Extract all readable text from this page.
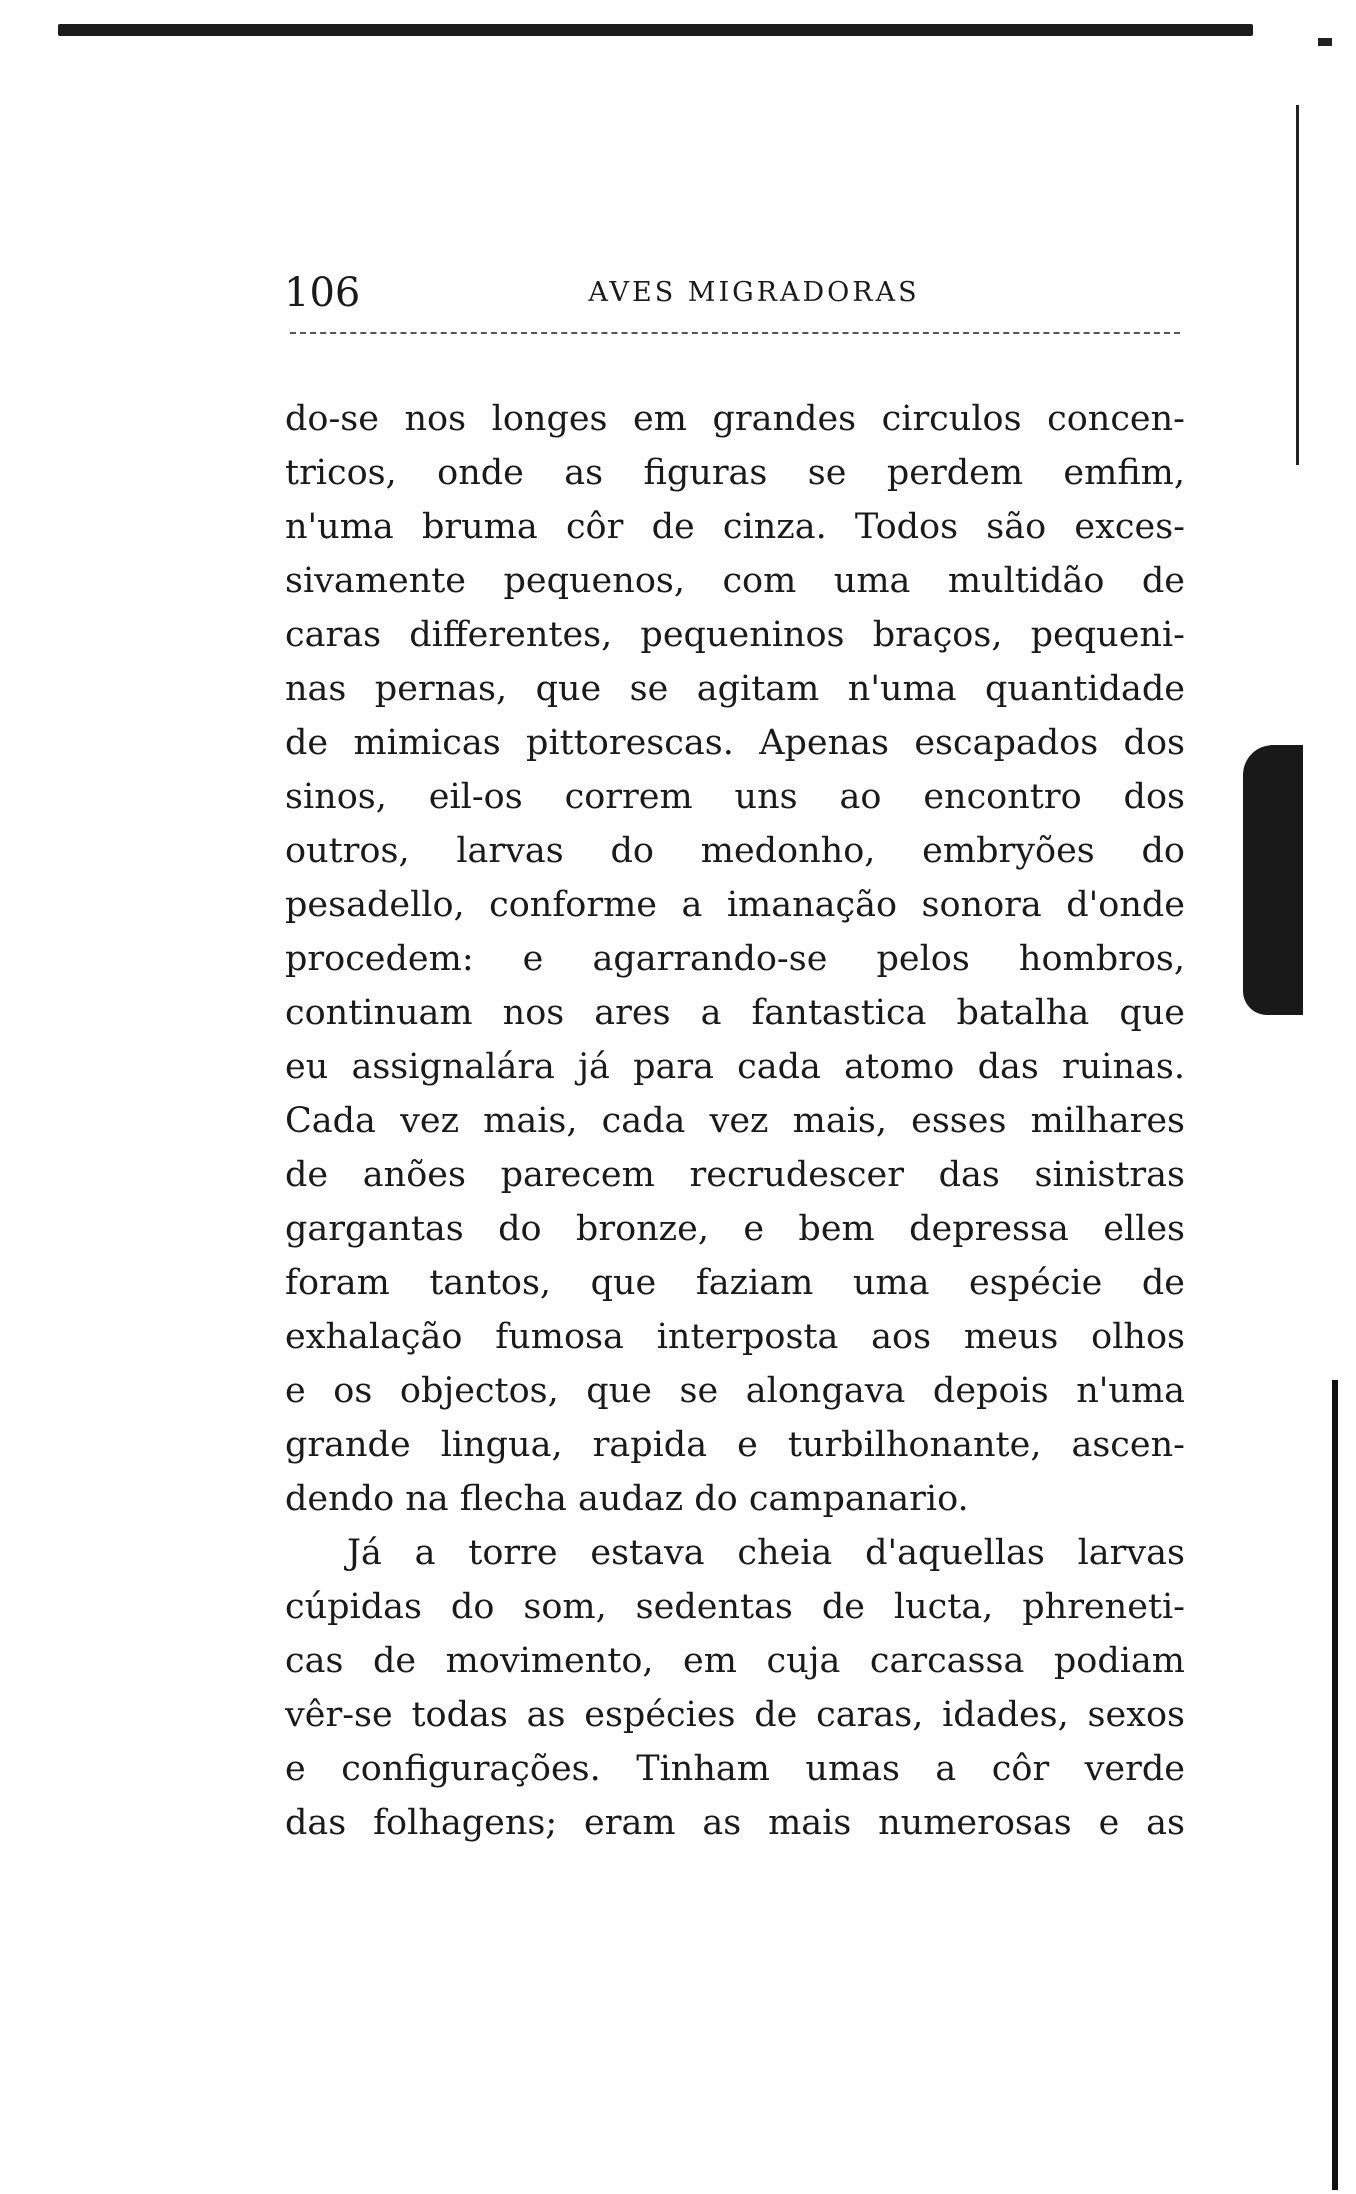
106	AVES MIGRADORAS
do-se nos longes em grandes circulos concen-
tricos, onde as figuras se perdem emfim,
n'uma bruma côr de cinza. Todos são exces-
sivamente pequenos, com uma multidão de
caras differentes, pequeninos braços, pequeni-
nas pernas, que se agitam n'uma quantidade
de mimicas pittorescas. Apenas escapados dos
sinos, eil-os correm uns ao encontro dos
outros, larvas do medonho, embryões do
pesadello, conforme a imanação sonora d'onde
procedem: e agarrando-se pelos hombros,
continuam nos ares a fantastica batalha que
eu assignalára já para cada atomo das ruinas.
Cada vez mais, cada vez mais, esses milhares
de anões parecem recrudescer das sinistras
gargantas do bronze, e bem depressa elles
foram tantos, que faziam uma espécie de
exhalação fumosa interposta aos meus olhos
e os objectos, que se alongava depois n'uma
grande lingua, rapida e turbilhonante, ascen-
dendo na flecha audaz do campanario.
Já a torre estava cheia d'aquellas larvas
cúpidas do som, sedentas de lucta, phreneti-
cas de movimento, em cuja carcassa podiam
vêr-se todas as espécies de caras, idades, sexos
e configurações. Tinham umas a côr verde
das folhagens; eram as mais numerosas e as
